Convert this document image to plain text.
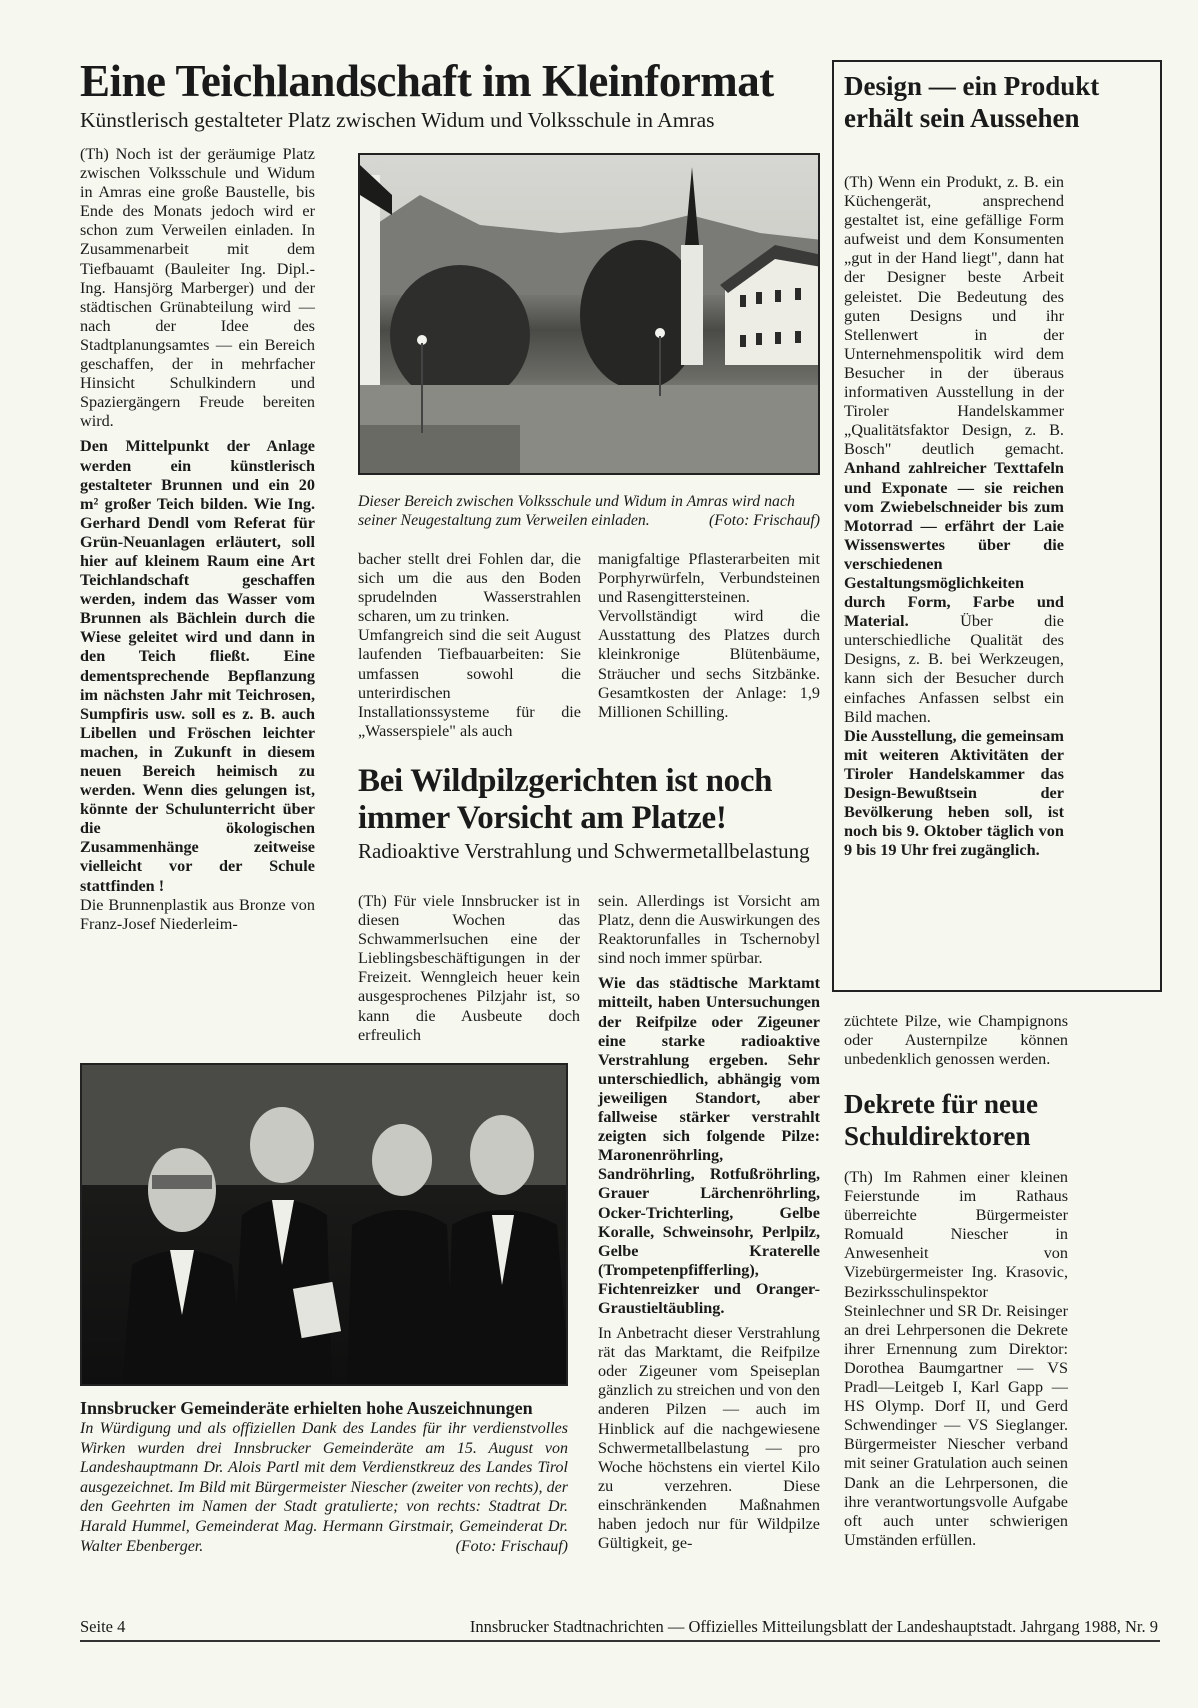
Eine Teichlandschaft im Kleinformat
Künstlerisch gestalteter Platz zwischen Widum und Volksschule in Amras

(Th) Noch ist der geräumige Platz zwischen Volksschule und Widum in Amras eine große Baustelle, bis Ende des Monats jedoch wird er schon zum Verweilen einladen. In Zusammenarbeit mit dem Tiefbauamt (Bauleiter Ing. Dipl.-Ing. Hansjörg Marberger) und der städtischen Grünabteilung wird — nach der Idee des Stadtplanungsamtes — ein Bereich geschaffen, der in mehrfacher Hinsicht Schulkindern und Spaziergängern Freude bereiten wird.

Den Mittelpunkt der Anlage werden ein künstlerisch gestalteter Brunnen und ein 20 m² großer Teich bilden. Wie Ing. Gerhard Dendl vom Referat für Grün-Neuanlagen erläutert, soll hier auf kleinem Raum eine Art Teichlandschaft geschaffen werden, indem das Wasser vom Brunnen als Bächlein durch die Wiese geleitet wird und dann in den Teich fließt. Eine dementsprechende Bepflanzung im nächsten Jahr mit Teichrosen, Sumpfiris usw. soll es z. B. auch Libellen und Fröschen leichter machen, in Zukunft in diesem neuen Bereich heimisch zu werden. Wenn dies gelungen ist, könnte der Schulunterricht über die ökologischen Zusammenhänge zeitweise vielleicht vor der Schule stattfinden !

Die Brunnenplastik aus Bronze von Franz-Josef Niederleim-

Dieser Bereich zwischen Volksschule und Widum in Amras wird nach seiner Neugestaltung zum Verweilen einladen.	(Foto: Frischauf)

bacher stellt drei Fohlen dar, die sich um die aus den Boden sprudelnden Wasserstrahlen scharen, um zu trinken.

Umfangreich sind die seit August laufenden Tiefbauarbeiten: Sie umfassen sowohl die unterirdischen Installationssysteme für die „Wasserspiele" als auch

manigfaltige Pflasterarbeiten mit Porphyrwürfeln, Verbundsteinen und Rasengittersteinen.

Vervollständigt wird die Ausstattung des Platzes durch kleinkronige Blütenbäume, Sträucher und sechs Sitzbänke. Gesamtkosten der Anlage: 1,9 Millionen Schilling.

Bei Wildpilzgerichten ist noch immer Vorsicht am Platze!
Radioaktive Verstrahlung und Schwermetallbelastung
(Th) Für viele Innsbrucker ist in diesen Wochen das Schwammerlsuchen eine der Lieblingsbeschäftigungen in der Freizeit. Wenngleich heuer kein ausgesprochenes Pilzjahr ist, so kann die Ausbeute doch erfreulich

sein. Allerdings ist Vorsicht am Platz, denn die Auswirkungen des Reaktorunfalles in Tschernobyl sind noch immer spürbar.

Wie das städtische Marktamt mitteilt, haben Untersuchungen der Reifpilze oder Zigeuner eine starke radioaktive Verstrahlung ergeben. Sehr unterschiedlich, abhängig vom jeweiligen Standort, aber fallweise stärker verstrahlt zeigten sich folgende Pilze: Maronenröhrling, Sandröhrling, Rotfußröhrling, Grauer Lärchenröhrling, Ocker-Trichterling, Gelbe Koralle, Schweinsohr, Perlpilz, Gelbe Kraterelle (Trompetenpfifferling), Fichtenreizker und Oranger-Graustieltäubling.

In Anbetracht dieser Verstrahlung rät das Marktamt, die Reifpilze oder Zigeuner vom Speiseplan gänzlich zu streichen und von den anderen Pilzen — auch im Hinblick auf die nachgewiesene Schwermetallbelastung — pro Woche höchstens ein viertel Kilo zu verzehren. Diese einschränkenden Maßnahmen haben jedoch nur für Wildpilze Gültigkeit, ge-

Innsbrucker Gemeinderäte erhielten hohe Auszeichnungen
In Würdigung und als offiziellen Dank des Landes für ihr verdienstvolles Wirken wurden drei Innsbrucker Gemeinderäte am 15. August von Landeshauptmann Dr. Alois Partl mit dem Verdienstkreuz des Landes Tirol ausgezeichnet. Im Bild mit Bürgermeister Niescher (zweiter von rechts), der den Geehrten im Namen der Stadt gratulierte; von rechts: Stadtrat Dr. Harald Hummel, Gemeinderat Mag. Hermann Girstmair, Gemeinderat Dr. Walter Ebenberger.	(Foto: Frischauf)
Design — ein Produkt erhält sein Aussehen

(Th) Wenn ein Produkt, z. B. ein Küchengerät, ansprechend gestaltet ist, eine gefällige Form aufweist und dem Konsumenten „gut in der Hand liegt", dann hat der Designer beste Arbeit geleistet. Die Bedeutung des guten Designs und ihr Stellenwert in der Unternehmenspolitik wird dem Besucher in der überaus informativen Ausstellung in der Tiroler Handelskammer „Qualitätsfaktor Design, z. B. Bosch" deutlich gemacht. Anhand zahlreicher Texttafeln und Exponate — sie reichen vom Zwiebelschneider bis zum Motorrad — erfährt der Laie Wissenswertes über die verschiedenen Gestaltungsmöglichkeiten durch Form, Farbe und Material.	Über die unterschiedliche Qualität des Designs, z. B. bei Werkzeugen, kann sich der Besucher durch einfaches Anfassen selbst ein Bild machen.

Die Ausstellung, die gemeinsam mit weiteren Aktivitäten der Tiroler Handelskammer das Design-Bewußtsein der Bevölkerung heben soll, ist noch bis 9. Oktober täglich von 9 bis 19 Uhr frei zugänglich.

züchtete Pilze, wie Champignons oder Austernpilze können unbedenklich genossen werden.
Dekrete für neue Schuldirektoren
(Th) Im Rahmen einer kleinen Feierstunde im Rathaus überreichte Bürgermeister Romuald Niescher in Anwesenheit von Vizebürgermeister Ing. Krasovic, Bezirksschulinspektor Steinlechner und SR Dr. Reisinger an drei Lehrpersonen die Dekrete ihrer Ernennung zum Direktor: Dorothea Baumgartner — VS Pradl—Leitgeb I, Karl Gapp — HS Olymp. Dorf II, und Gerd Schwendinger — VS Sieglanger. Bürgermeister Niescher verband mit seiner Gratulation auch seinen Dank an die Lehrpersonen, die ihre verantwortungsvolle Aufgabe oft auch unter schwierigen Umständen erfüllen.
Seite 4	Innsbrucker Stadtnachrichten — Offizielles Mitteilungsblatt der Landeshauptstadt. Jahrgang 1988, Nr. 9
